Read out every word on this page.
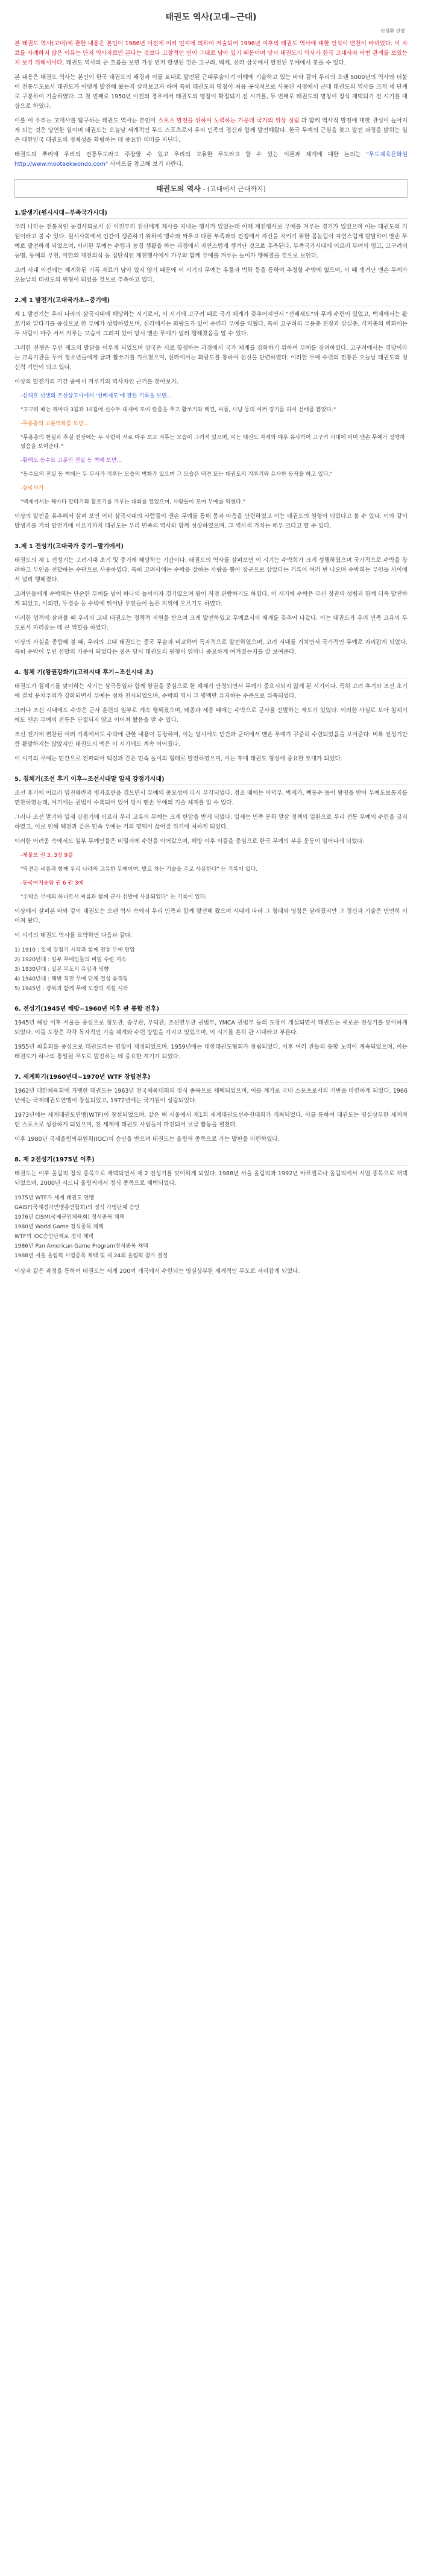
태권도 역사(고대~근대)
신성환 관장

본 태권도 역사(고대)에 관한 내용은 본인이 1986년 이전에 여러 인지에 의하여 저술되어 1996년 이후의 태권도 역사에 대한 인식이 변천이 바뀌었다. 이 자료를 사례하지 않은 이유는 단지 역사자료만 본다는 것보다 고찰적인 면이 그대로 남아 있기 때문이며 당시 태권도의 역사가 한국 고대사와 어떤 관계를 보였는지 보기 위해서이다. 태권도 역사의 큰 흐름을 보면 가장 먼저 발생된 것은 고구려, 백제, 신라 삼국에서 발전된 무예에서 찾을 수 있다.

본 내용은 태권도 역사는 본인이 한국 태권도의 배경과 이를 토대로 발전된 근대무술이기 이해에 기술하고 있는 바와 같이 우리의 오랜 5000년의 역사와 더불어 전통무도로서 태권도가 어떻게 발전해 왔는지 살펴보고자 하며 특히 태권도의 명칭이 처음 공식적으로 사용된 시점에서 근대 태권도의 역사를 크게 세 단계로 구분하여 기술하였다. 그 첫 번째로 1950년 이전의 경우에서 태권도의 명칭이 확정되기 전 시기를, 두 번째로 태권도의 명칭이 정식 채택되기 전 시기를 대상으로 하였다.

이를 이 우리는 고대사를 탐구하는 태권도 역사는 본인이 스포츠 발전을 위하여 노력하는 가운데 국가의 위상 정립 과 함께 역사적 발전에 대한 관심이 높아지게 되는 것은 당연한 일이며 태권도는 오늘날 세계적인 무도 스포츠로서 우리 민족의 정신과 함께 발전해왔다. 한국 무예의 근원을 찾고 발전 과정을 밝히는 일은 대한민국 태권도의 정체성을 확립하는 데 중요한 의미를 지닌다.

태권도의 뿌리에 우리의 전통무도라고 주장할 수 있고 우리의 고유한 무도라고 할 수 있는 이론과 체계에 대한 논의는 "무도체육문화원 http://www.mootaekwondo.com" 사이트를 참고해 보기 바란다.

태권도의 역사 - (고대에서 근대까지)
1.발생기(원시시대~부족국가시대)

우리 나라는 전통적인 농경사회로서 신 이전부터 천신에게 제사를 지내는 행사가 있었는데 이때 제천행사로 무예를 겨루는 경기가 있었으며 이는 태권도의 기원이라고 볼 수 있다. 원시사회에서 인간이 생존하기 위하여 맹수와 싸우고 다른 부족과의 전쟁에서 자신을 지키기 위한 몸놀림이 자연스럽게 발달하여 맨손 무예로 발전하게 되었으며, 이러한 무예는 수렵과 농경 생활을 하는 과정에서 자연스럽게 생겨난 것으로 추측된다. 부족국가시대에 이르러 부여의 영고, 고구려의 동맹, 동예의 무천, 마한의 제천의식 등 집단적인 제천행사에서 가무와 함께 무예를 겨루는 놀이가 행해졌을 것으로 보인다.

고려 시대 이전에는 체계화된 기록 자료가 남아 있지 않기 때문에 이 시기의 무예는 유물과 벽화 등을 통하여 추정할 수밖에 없으며, 이 때 생겨난 맨손 무예가 오늘날의 태권도의 원형이 되었을 것으로 추측하고 있다.

2.제 1 발전기(고대국가초~중기에)

제 1 발전기는 우리 나라의 삼국시대에 해당하는 시기로서, 이 시기에 고구려 때로 국가 체계가 갖추어지면서 "선배제도"와 무예 수련이 있었고, 백제에서는 활쏘기와 말타기를 중심으로 한 무예가 성행하였으며, 신라에서는 화랑도가 있어 수련과 무예를 익혔다. 특히 고구려의 무용총 천장과 삼실총, 각저총의 벽화에는 두 사람이 마주 서서 겨루는 모습이 그려져 있어 당시 맨손 무예가 널리 행해졌음을 알 수 있다.

그러한 전쟁은 무인 제도의 발달을 이루게 되었으며 삼국은 서로 항쟁하는 과정에서 국가 체계를 강화하기 위하여 무예를 장려하였다. 고구려에서는 경당이라는 교육기관을 두어 청소년들에게 글과 활쏘기를 가르쳤으며, 신라에서는 화랑도를 통하여 심신을 단련하였다. 이러한 무예 수련의 전통은 오늘날 태권도의 정신적 기반이 되고 있다.

이상의 발전기의 기간 중에서 겨루기의 역사자인 근거를 찾아보자.

-신채호 선생의 조선상고사에서 '선배제도'에 관한 기록을 보면...
"고구려 때는 해마다 3월과 10월에 신수두 대제에 모여 칼춤을 추고 활쏘기와 택견, 씨름, 사냥 등의 여러 경기를 하여 선배를 뽑았다."
-무용총의 고분벽화를 보면...
"무용총의 현실과 후실 천장에는 두 사람이 서로 마주 보고 겨루는 모습이 그려져 있으며, 이는 태권도 자세와 매우 유사하여 고구려 시대에 이미 맨손 무예가 성행하였음을 보여준다."
-황해도 동수묘 고분의 전실 동 벽에 보면...
"동수묘의 전실 동 벽에는 두 무사가 겨루는 모습의 벽화가 있으며 그 모습은 택견 또는 태권도의 겨루기와 유사한 동작을 하고 있다."
-삼국사기
"백제에서는 해마다 말타기와 활쏘기를 겨루는 대회를 열었으며, 사람들이 모여 무예를 익혔다."

이상의 발전을 유추해서 살펴 보면 이미 삼국시대의 사람들이 맨손 무예를 통해 몸과 마음을 단련하였고 이는 태권도의 원형이 되었다고 볼 수 있다. 이와 같이 발생기를 거쳐 발전기에 이르기까지 태권도는 우리 민족의 역사와 함께 성장하였으며, 그 역사적 가치는 매우 크다고 할 수 있다.

3.제 1 전성기(고대국가 중기~말기에서)

태권도의 제 1 전성기는 고려시대 초기 및 중기에 해당하는 기간이다. 태권도의 역사를 살펴보면 이 시기는 수박희가 크게 성행하였으며 국가적으로 수박을 장려하고 무인을 선발하는 수단으로 사용하였다. 특히 고려사에는 수박을 잘하는 사람을 뽑아 장군으로 삼았다는 기록이 여러 번 나오며 수박희는 무인들 사이에서 널리 행해졌다.

고려인들에게 수박희는 단순한 무예를 넘어 하나의 놀이이자 경기였으며 왕이 직접 관람하기도 하였다. 이 시기에 수박은 무신 정권의 성립과 함께 더욱 발전하게 되었고, 이의민, 두경승 등 수박에 뛰어난 무인들이 높은 지위에 오르기도 하였다.

이러한 업적에 살펴볼 때 우리의 고대 태권도는 정책적 지원을 받으며 크게 발전하였고 무예로서의 체계를 갖추어 나갔다. 이는 태권도가 우리 민족 고유의 무도로서 자리잡는 데 큰 역할을 하였다.

이상의 사실을 종합해 볼 때, 우리의 고대 태권도는 중국 무술과 비교하여 독자적으로 발전하였으며, 고려 시대를 거치면서 국가적인 무예로 자리잡게 되었다. 특히 수박이 무인 선발의 기준이 되었다는 점은 당시 태권도의 원형이 얼마나 중요하게 여겨졌는지를 잘 보여준다.

4. 침체 기(왕권강화기(고려시대 후기~조선시대 초)

태권도가 침체기를 맞이하는 시기는 삼국통일과 함께 왕권을 중심으로 한 체제가 안정되면서 무예가 중요시되지 않게 된 시기이다. 특히 고려 후기와 조선 초기에 걸쳐 문치주의가 강화되면서 무예는 점차 천시되었으며, 수박희 역시 그 명맥만 유지하는 수준으로 위축되었다.

그러나 조선 시대에도 수박은 군사 훈련의 일부로 계속 행해졌으며, 태종과 세종 때에는 수박으로 군사를 선발하는 제도가 있었다. 이러한 사실로 보아 침체기에도 맨손 무예의 전통은 단절되지 않고 이어져 왔음을 알 수 있다.

조선 전기에 편찬된 여러 기록에서도 수박에 관한 내용이 등장하며, 이는 당시에도 민간과 군대에서 맨손 무예가 꾸준히 수련되었음을 보여준다. 비록 전성기만큼 활발하지는 않았지만 태권도의 맥은 이 시기에도 계속 이어졌다.

이 시기의 무예는 민간으로 전파되어 택견과 같은 민속 놀이의 형태로 발전하였으며, 이는 후대 태권도 형성에 중요한 토대가 되었다.

5. 침체기(조선 후기 이후~조선시대말 일제 강점기시대)

조선 후기에 이르러 임진왜란과 병자호란을 겪으면서 무예의 중요성이 다시 부각되었다. 정조 때에는 이덕무, 박제가, 백동수 등이 왕명을 받아 무예도보통지를 편찬하였는데, 여기에는 권법이 수록되어 있어 당시 맨손 무예의 기술 체계를 알 수 있다.

그러나 조선 말기와 일제 강점기에 이르러 우리 고유의 무예는 크게 탄압을 받게 되었다. 일제는 민족 문화 말살 정책의 일환으로 우리 전통 무예의 수련을 금지하였고, 이로 인해 택견과 같은 민속 무예는 거의 명맥이 끊어질 위기에 처하게 되었다.

이러한 어려움 속에서도 일부 무예인들은 비밀리에 수련을 이어갔으며, 해방 이후 이들을 중심으로 한국 무예의 부흥 운동이 일어나게 되었다.

-재물보 권 3, 3장 9절
"탁견은 씨름과 함께 우리 나라의 고유한 무예이며, 발로 차는 기술을 주로 사용한다" 는 기록이 있다.
-동국여지승람 권 6 권 3에
"수박은 무예의 하나로서 씨름과 함께 군사 선발에 사용되었다" 는 기록이 있다.

이상에서 살펴본 바와 같이 태권도는 오랜 역사 속에서 우리 민족과 함께 발전해 왔으며 시대에 따라 그 형태와 명칭은 달라졌지만 그 정신과 기술은 면면히 이어져 왔다.

이 시기의 태권도 역사를 요약하면 다음과 같다.

1) 1910 : 일제 강점기 시작과 함께 전통 무예 탄압
2) 1920년대 : 일부 무예인들의 비밀 수련 지속
3) 1930년대 : 일본 무도의 유입과 영향
4) 1940년대 : 해방 직전 무예 단체 결성 움직임
5) 1945년 : 광복과 함께 무예 도장의 개설 시작
6. 전성기(1945년 해방~1960년 이후 관 통합 전후)

1945년 해방 이후 서울을 중심으로 청도관, 송무관, 무덕관, 조선연무관 권법부, YMCA 권법부 등의 도장이 개설되면서 태권도는 새로운 전성기를 맞이하게 되었다. 이들 도장은 각각 독자적인 기술 체계와 수련 방법을 가지고 있었으며, 이 시기를 흔히 관 시대라고 부른다.

1955년 최홍희를 중심으로 태권도라는 명칭이 제정되었으며, 1959년에는 대한태권도협회가 창립되었다. 이후 여러 관들의 통합 노력이 계속되었으며, 이는 태권도가 하나의 통일된 무도로 발전하는 데 중요한 계기가 되었다.

7. 세계화기(1960년대~1970년 WTF 창립전후)

1962년 대한체육회에 가맹한 태권도는 1963년 전국체육대회의 정식 종목으로 채택되었으며, 이를 계기로 국내 스포츠로서의 기반을 마련하게 되었다. 1966년에는 국제태권도연맹이 창설되었고, 1972년에는 국기원이 설립되었다.

1973년에는 세계태권도연맹(WTF)이 창설되었으며, 같은 해 서울에서 제1회 세계태권도선수권대회가 개최되었다. 이를 통하여 태권도는 명실상부한 세계적인 스포츠로 성장하게 되었으며, 전 세계에 태권도 사범들이 파견되어 보급 활동을 펼쳤다.

이후 1980년 국제올림픽위원회(IOC)의 승인을 받으며 태권도는 올림픽 종목으로 가는 발판을 마련하였다.

8. 제 2전성기(1975년 이후)

태권도는 이후 올림픽 정식 종목으로 채택되면서 제 2 전성기를 맞이하게 되었다. 1988년 서울 올림픽과 1992년 바르셀로나 올림픽에서 시범 종목으로 채택되었으며, 2000년 시드니 올림픽에서 정식 종목으로 채택되었다.

1975년 WTF가 세계 태권도 연맹
GAISF(국제경기연맹총연합회)의 정식 가맹단체 승인
1976년 CISM(국제군인체육회) 정식종목 채택
1980년 World Game 정식종목 채택
WTF의 IOC승인단체로 정식 채택
1986년 Pan American Game Program정식종목 채택
1988년 서울 올림픽 시범종목 채택 및 제 24회 올림픽 참가 결정

이상과 같은 과정을 통하여 태권도는 세계 200여 개국에서 수련되는 명실상부한 세계적인 무도로 자리잡게 되었다.
